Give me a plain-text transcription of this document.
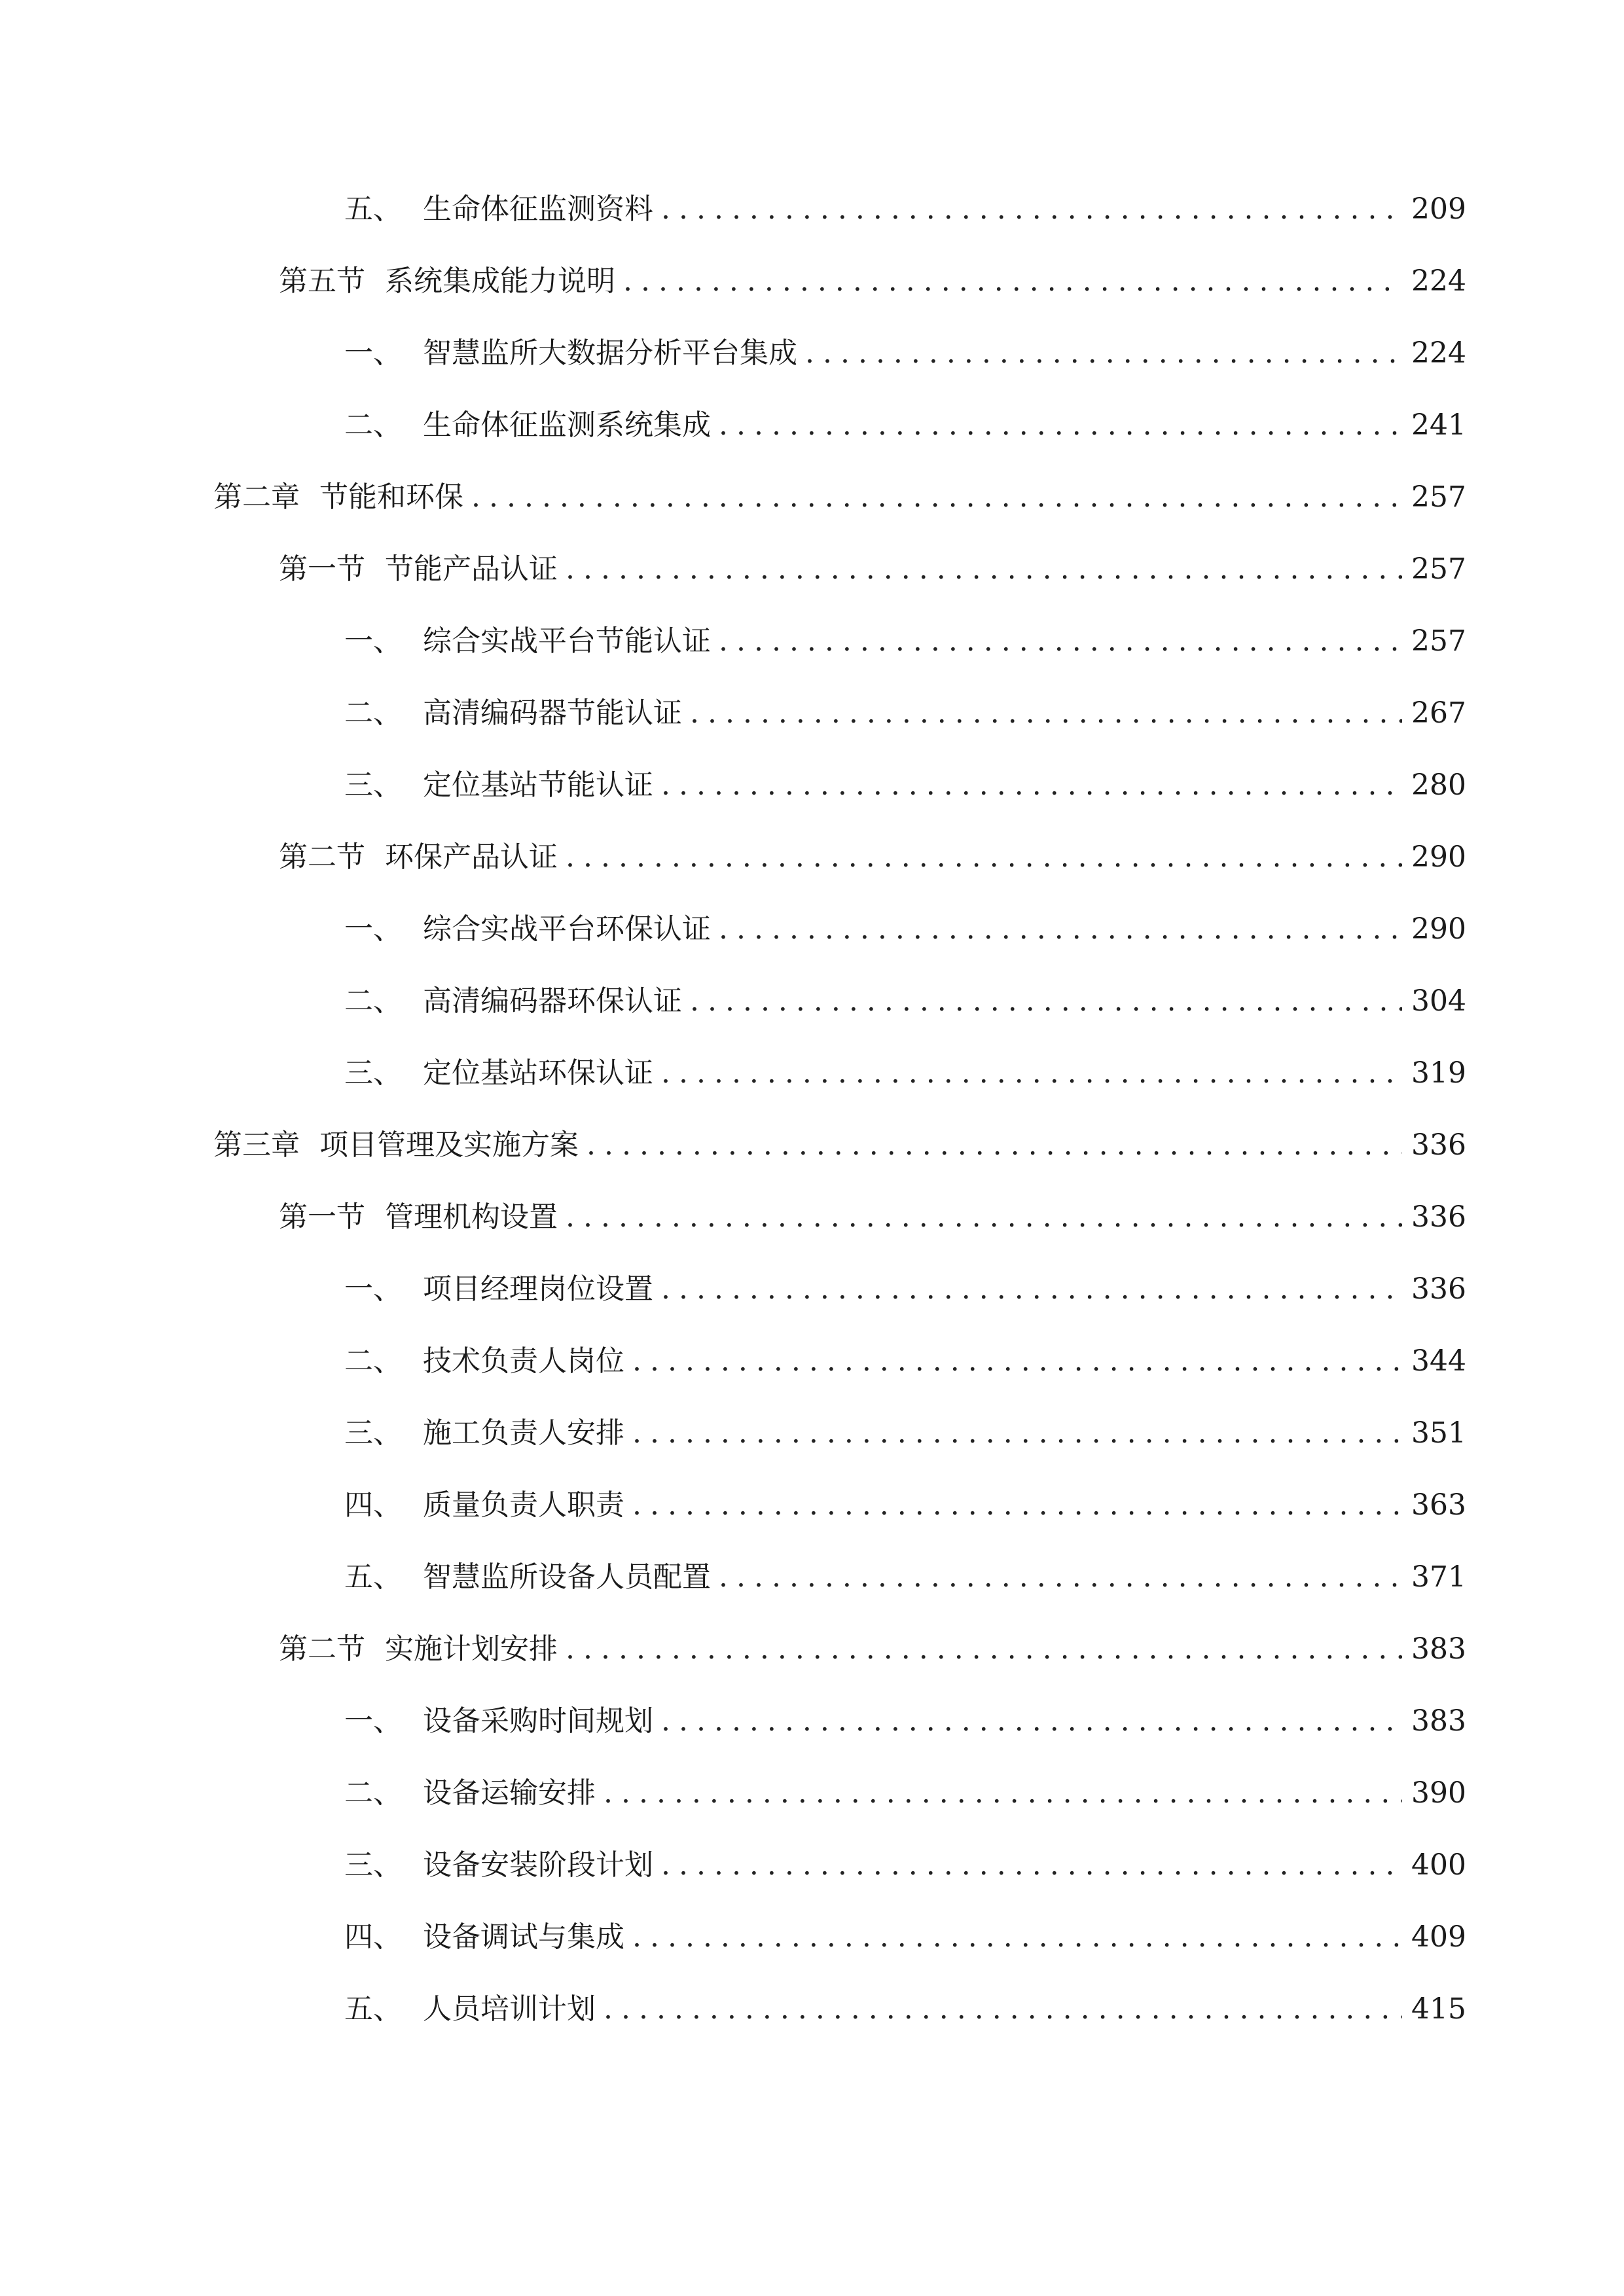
五、 生命体征监测资料 .....	209
第五节 系统集成能力说明 .....	224
一、 智慧监所大数据分析平台集成 .....	224
二、 生命体征监测系统集成 .....	241
第二章 节能和环保 .....	257
第一节 节能产品认证 .....	257
一、 综合实战平台节能认证 .....	257
二、 高清编码器节能认证 .....	267
三、 定位基站节能认证 .....	280
第二节 环保产品认证 .....	290
一、 综合实战平台环保认证 .....	290
二、 高清编码器环保认证 .....	304
三、 定位基站环保认证 .....	319
第三章 项目管理及实施方案 .....	336
第一节 管理机构设置 .....	336
一、 项目经理岗位设置 .....	336
二、 技术负责人岗位 .....	344
三、 施工负责人安排 .....	351
四、 质量负责人职责 .....	363
五、 智慧监所设备人员配置 .....	371
第二节 实施计划安排 .....	383
一、 设备采购时间规划 .....	383
二、 设备运输安排 .....	390
三、 设备安装阶段计划 .....	400
四、 设备调试与集成 .....	409
五、 人员培训计划 .....	415
